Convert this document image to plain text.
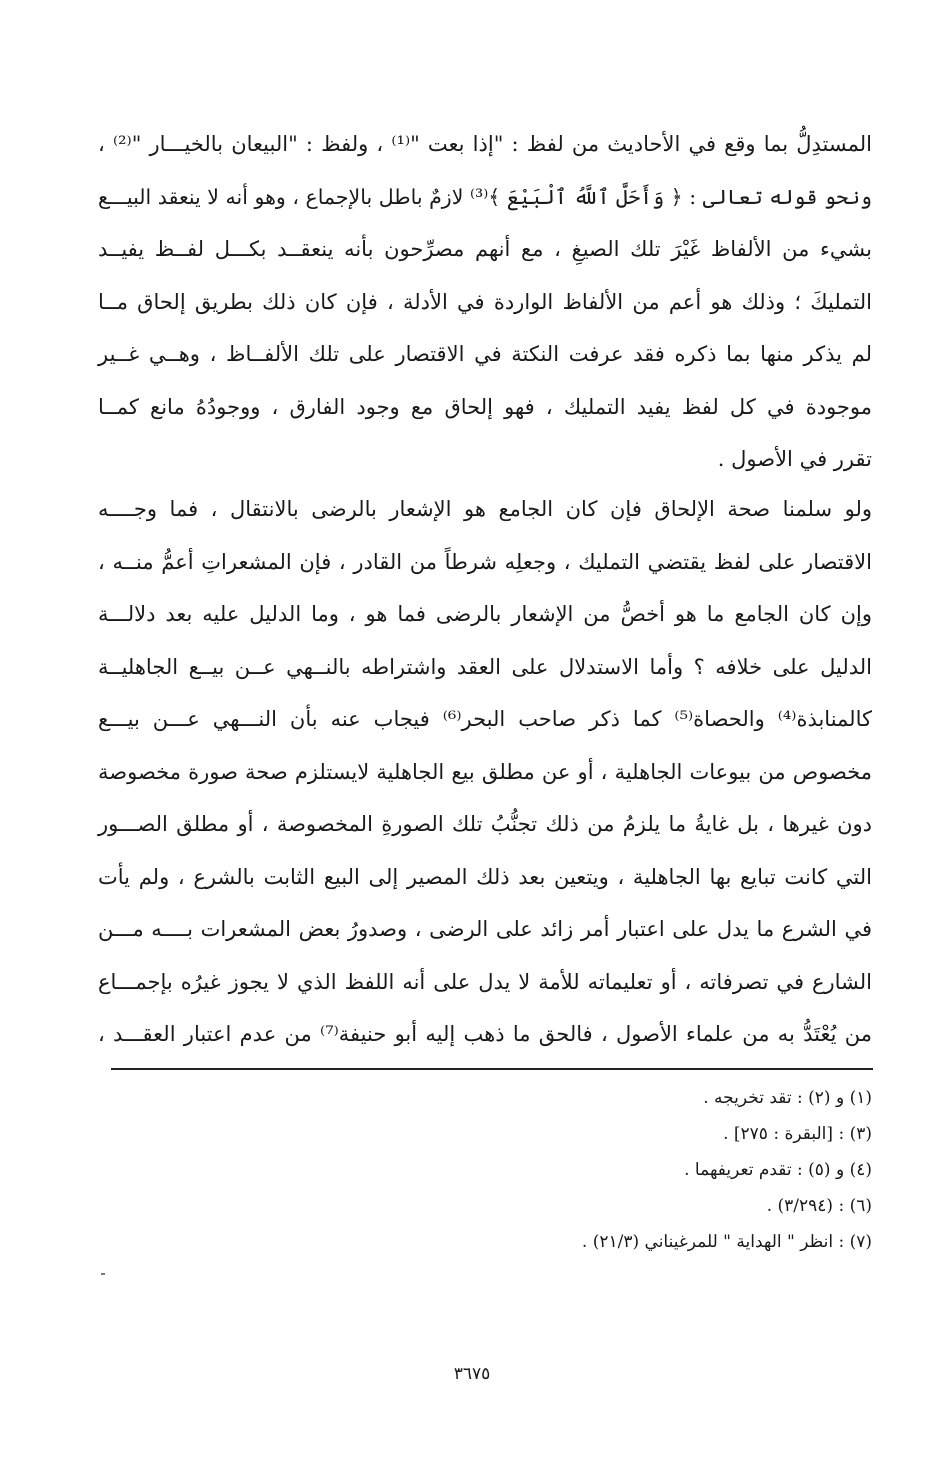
المستدِلُّ بما وقع في الأحاديث من لفظ : "إذا بعت "⁽¹⁾ ، ولفظ : "البيعان بالخيـــار "⁽²⁾ ،
ونحو قوله تعالى : ﴿ وَأَحَلَّ ٱللَّهُ ٱلْبَيْعَ ﴾⁽³⁾ لازمٌ باطل بالإجماع ، وهو أنه لا ينعقد البيـــع
بشيء من الألفاظ غَيْرَ تلك الصيغِ ، مع أنهم مصرِّحون بأنه ينعقــد بكـــل لفــظ يفيــد
التمليكَ ؛ وذلك هو أعم من الألفاظ الواردة في الأدلة ، فإن كان ذلك بطريق إلحاق مــا
لم يذكر منها بما ذكره فقد عرفت النكتة في الاقتصار على تلك الألفــاظ ، وهــي غــير
موجودة في كل لفظ يفيد التمليك ، فهو إلحاق مع وجود الفارق ، ووجودُهُ مانع كمــا
تقرر في الأصول .
ولو سلمنا صحة الإلحاق فإن كان الجامع هو الإشعار بالرضى بالانتقال ، فما وجــــه
الاقتصار على لفظ يقتضي التمليك ، وجعلِه شرطاً من القادر ، فإن المشعراتِ أعمُّ منــه ،
وإن كان الجامع ما هو أخصُّ من الإشعار بالرضى فما هو ، وما الدليل عليه بعد دلالـــة
الدليل على خلافه ؟ وأما الاستدلال على العقد واشتراطه بالنــهي عــن بيــع الجاهليــة
كالمنابذة⁽⁴⁾ والحصاة⁽⁵⁾ كما ذكر صاحب البحر⁽⁶⁾ فيجاب عنه بأن النـــهي عـــن بيـــع
مخصوص من بيوعات الجاهلية ، أو عن مطلق بيع الجاهلية لايستلزم صحة صورة مخصوصة
دون غيرها ، بل غايةُ ما يلزمُ من ذلك تجنُّبُ تلك الصورةِ المخصوصة ، أو مطلق الصـــور
التي كانت تبايع بها الجاهلية ، ويتعين بعد ذلك المصير إلى البيع الثابت بالشرع ، ولم يأت
في الشرع ما يدل على اعتبار أمر زائد على الرضى ، وصدورُ بعض المشعرات بــــه مـــن
الشارع في تصرفاته ، أو تعليماته للأمة لا يدل على أنه اللفظ الذي لا يجوز غيرُه بإجمـــاع
من يُعْتَدُّ به من علماء الأصول ، فالحق ما ذهب إليه أبو حنيفة⁽⁷⁾ من عدم اعتبار العقـــد ،
(١) و (٢) : تقد تخريجه .
(٣) : [البقرة : ٢٧٥] .
(٤) و (٥) : تقدم تعريفهما .
(٦) : (٣/٢٩٤) .
(٧) : انظر " الهداية " للمرغيناني (٢١/٣) .
٣٦٧٥
